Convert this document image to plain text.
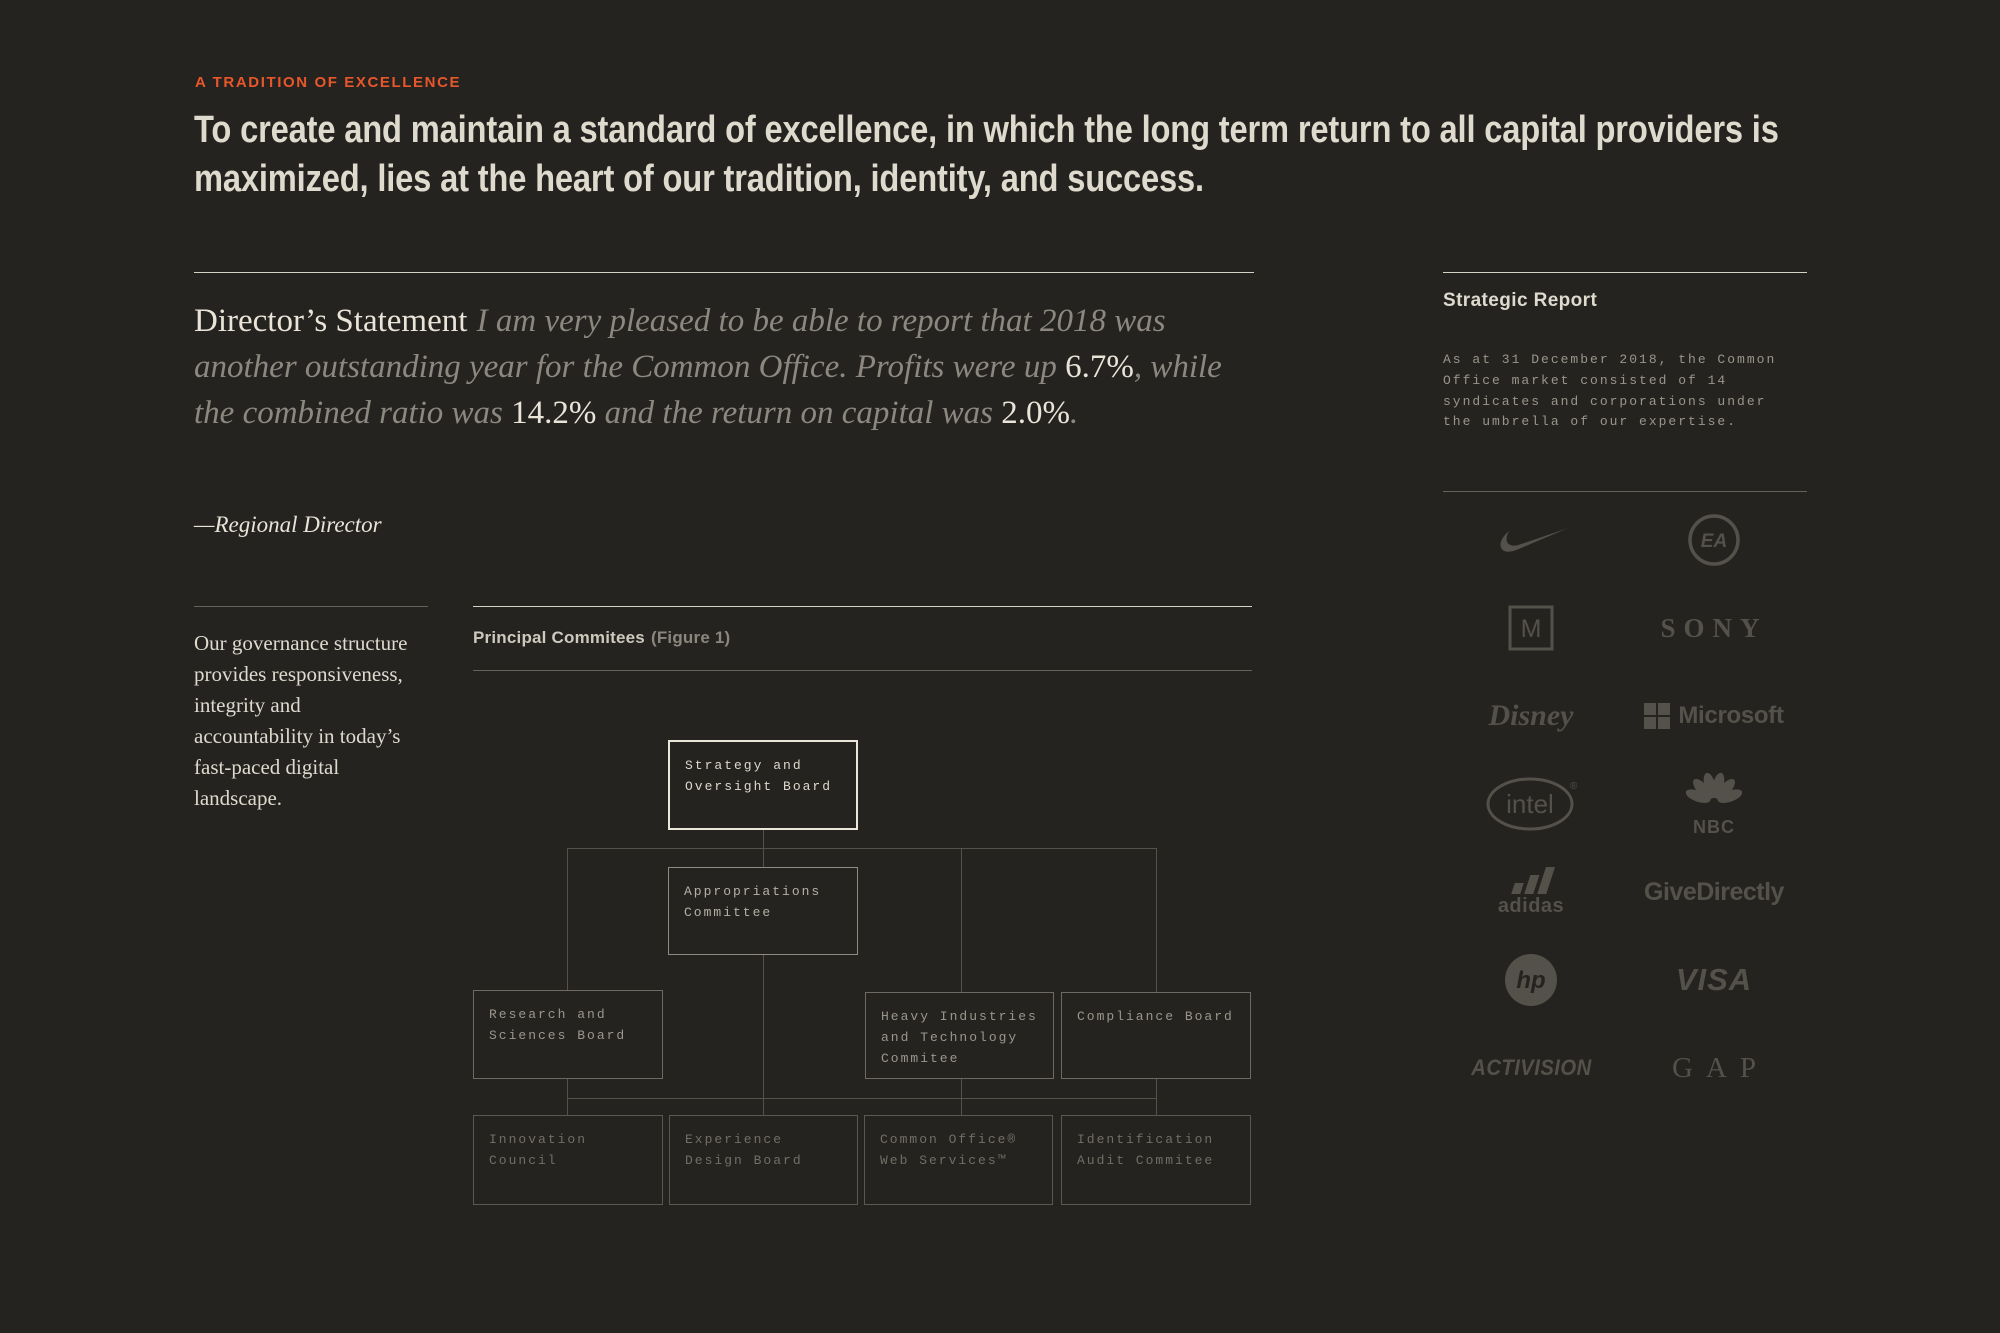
A TRADITION OF EXCELLENCE
To create and maintain a standard of excellence, in which the long term return to all capital providers is maximized, lies at the heart of our tradition, identity, and success.

Director’s Statement I am very pleased to be able to report that 2018 was another outstanding year for the Common Office. Profits were up 6.7%, while the combined ratio was 14.2% and the return on capital was 2.0%.

—Regional Director

Our governance structure provides responsiveness, integrity and accountability in today’s fast-paced digital landscape.

Principal Commitees (Figure 1)
Strategy and Oversight Board
Appropriations Committee
Research and Sciences Board
Heavy Industries and Technology Commitee
Compliance Board
Innovation Council
Experience Design Board
Common Office® Web Services™
Identification Audit Commitee
Strategic Report

As at 31 December 2018, the Common Office market consisted of 14 syndicates and corporations under the umbrella of our expertise.

EA
M	SONY
Disney	Microsoft
intel
®
NBC
adidas	GiveDirectly
hp	VISA
ACTIVISION	GAP
